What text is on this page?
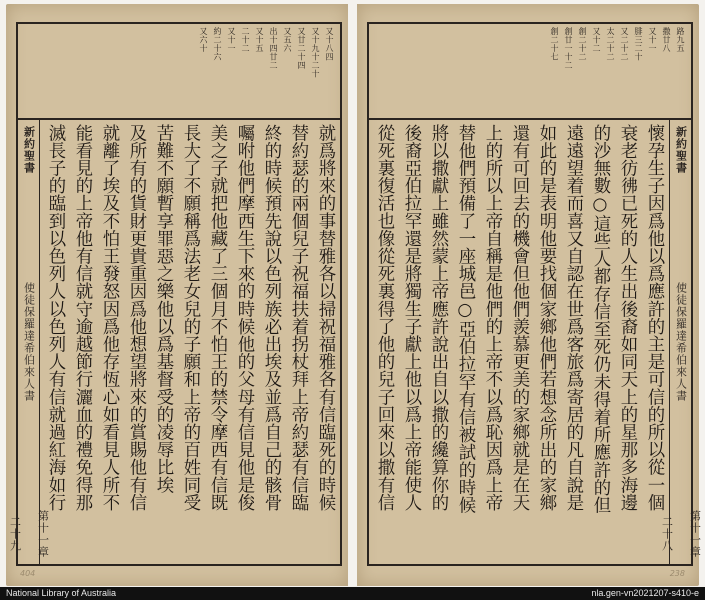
又十八四
又十九十二十
又廿二十四
又五六
出十四廿二
又十五
二十二
又十一
約二十六
又六十
新約聖書
使徒保羅達希伯來人書
第十一章
二十九
就爲將來的事替雅各以掃祝福雅各有信臨死的時候
替約瑟的兩個兒子祝福扶着拐杖拜上帝約瑟有信臨
終的時候預先說以色列族必出埃及並爲自己的骸骨
囑咐他們摩西生下來的時候他的父母有信見他是俊
美之子就把他藏了三個月不怕王的禁令摩西有信既
長大了不願稱爲法老女兒的子願和上帝的百姓同受
苦難不願暫享罪惡之樂他以爲基督受的凌辱比埃
及所有的貨財更貴重因爲他想望將來的賞賜他有信
就離了埃及不怕王發怒因爲他存恆心如看見人所不
能看見的上帝他有信就守逾越節行灑血的禮免得那
滅長子的臨到以色列人以色列人有信就過紅海如行
404
路九五
撒廿八
又十一
腓三二十
又二十二
太二十二
又十二
創二十二
創廿一十二
創二十七
新約聖書
使徒保羅達希伯來人書
第十一章
二十八
懷孕生子因爲他以爲應許的主是可信的所以從一個
衰老彷彿已死的人生出後裔如同天上的星那多海邊
的沙無數○這些人都存信至死仍未得着所應許的但
遠遠望着而喜又自認在世爲客旅爲寄居的凡自說是
如此的是表明他要找個家鄉他們若想念所出的家鄉
還有可回去的機會但他們羨慕更美的家鄉就是在天
上的所以上帝自稱是他們的上帝不以爲恥因爲上帝
替他們預備了一座城邑○亞伯拉罕有信被試的時候
將以撒獻上雖然蒙上帝應許說出自以撒的纔算你的
後裔亞伯拉罕還是將獨生子獻上他以爲上帝能使人
從死裏復活也像從死裏得了他的兒子回來以撒有信
238
National Library of Australia	nla.gen-vn2021207-s410-e
